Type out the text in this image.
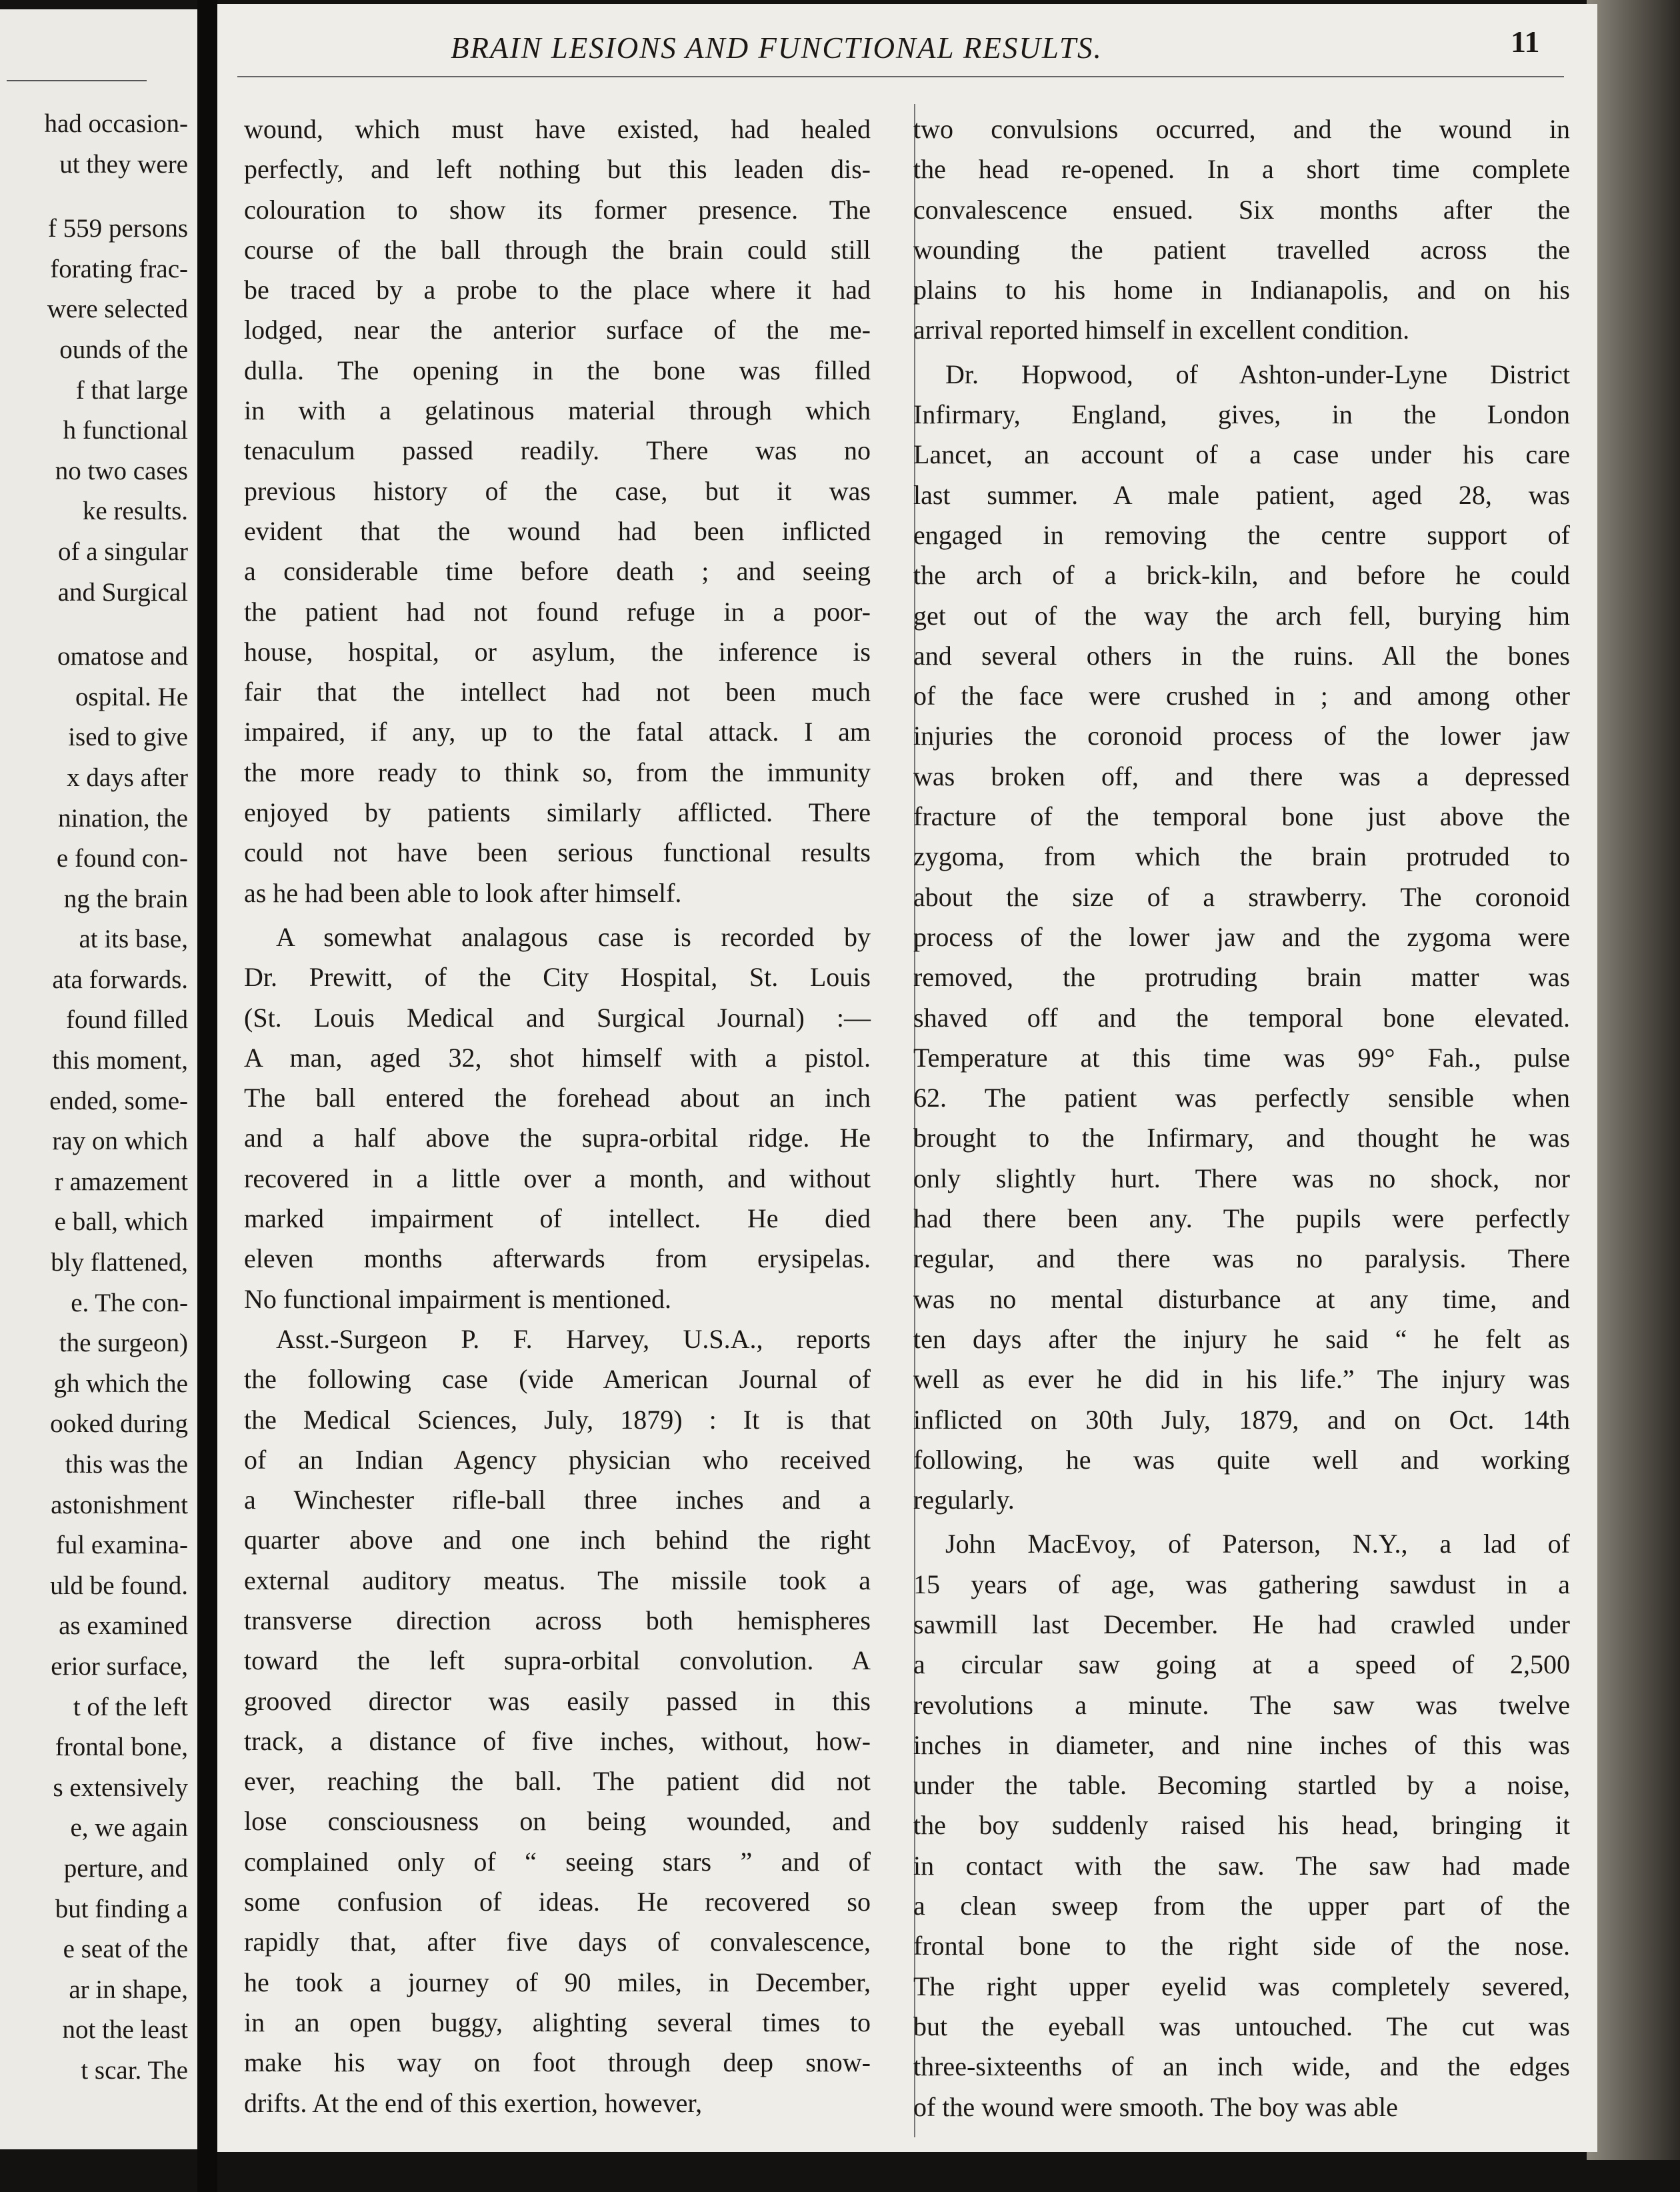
had occasion-
ut they were
f 559 persons
forating frac-
were selected
ounds of the
f that large
h functional
no two cases
ke results.
of a singular
and Surgical
omatose and
ospital. He
ised to give
x days after
nination, the
e found con-
ng the brain
at its base,
ata forwards.
found filled
this moment,
ended, some-
ray on which
r amazement
e ball, which
bly flattened,
e. The con-
the surgeon)
gh which the
ooked during
this was the
astonishment
ful examina-
uld be found.
as examined
erior surface,
t of the left
frontal bone,
s extensively
e, we again
perture, and
but finding a
e seat of the
ar in shape,
not the least
t scar. The
BRAIN LESIONS AND FUNCTIONAL RESULTS.	11
wound, which must have existed, had healed
perfectly, and left nothing but this leaden dis-
colouration to show its former presence. The
course of the ball through the brain could still
be traced by a probe to the place where it had
lodged, near the anterior surface of the me-
dulla. The opening in the bone was filled
in with a gelatinous material through which
tenaculum passed readily. There was no
previous history of the case, but it was
evident that the wound had been inflicted
a considerable time before death ; and seeing
the patient had not found refuge in a poor-
house, hospital, or asylum, the inference is
fair that the intellect had not been much
impaired, if any, up to the fatal attack. I am
the more ready to think so, from the immunity
enjoyed by patients similarly afflicted. There
could not have been serious functional results
as he had been able to look after himself.
A somewhat analagous case is recorded by
Dr. Prewitt, of the City Hospital, St. Louis
(St. Louis Medical and Surgical Journal) :—
A man, aged 32, shot himself with a pistol.
The ball entered the forehead about an inch
and a half above the supra-orbital ridge. He
recovered in a little over a month, and without
marked impairment of intellect. He died
eleven months afterwards from erysipelas.
No functional impairment is mentioned.
Asst.-Surgeon P. F. Harvey, U.S.A., reports
the following case (vide American Journal of
the Medical Sciences, July, 1879) : It is that
of an Indian Agency physician who received
a Winchester rifle-ball three inches and a
quarter above and one inch behind the right
external auditory meatus. The missile took a
transverse direction across both hemispheres
toward the left supra-orbital convolution. A
grooved director was easily passed in this
track, a distance of five inches, without, how-
ever, reaching the ball. The patient did not
lose consciousness on being wounded, and
complained only of “ seeing stars ” and of
some confusion of ideas. He recovered so
rapidly that, after five days of convalescence,
he took a journey of 90 miles, in December,
in an open buggy, alighting several times to
make his way on foot through deep snow-
drifts. At the end of this exertion, however,
two convulsions occurred, and the wound in
the head re-opened. In a short time complete
convalescence ensued. Six months after the
wounding the patient travelled across the
plains to his home in Indianapolis, and on his
arrival reported himself in excellent condition.
Dr. Hopwood, of Ashton-under-Lyne District
Infirmary, England, gives, in the London
Lancet, an account of a case under his care
last summer. A male patient, aged 28, was
engaged in removing the centre support of
the arch of a brick-kiln, and before he could
get out of the way the arch fell, burying him
and several others in the ruins. All the bones
of the face were crushed in ; and among other
injuries the coronoid process of the lower jaw
was broken off, and there was a depressed
fracture of the temporal bone just above the
zygoma, from which the brain protruded to
about the size of a strawberry. The coronoid
process of the lower jaw and the zygoma were
removed, the protruding brain matter was
shaved off and the temporal bone elevated.
Temperature at this time was 99° Fah., pulse
62. The patient was perfectly sensible when
brought to the Infirmary, and thought he was
only slightly hurt. There was no shock, nor
had there been any. The pupils were perfectly
regular, and there was no paralysis. There
was no mental disturbance at any time, and
ten days after the injury he said “ he felt as
well as ever he did in his life.” The injury was
inflicted on 30th July, 1879, and on Oct. 14th
following, he was quite well and working
regularly.
John MacEvoy, of Paterson, N.Y., a lad of
15 years of age, was gathering sawdust in a
sawmill last December. He had crawled under
a circular saw going at a speed of 2,500
revolutions a minute. The saw was twelve
inches in diameter, and nine inches of this was
under the table. Becoming startled by a noise,
the boy suddenly raised his head, bringing it
in contact with the saw. The saw had made
a clean sweep from the upper part of the
frontal bone to the right side of the nose.
The right upper eyelid was completely severed,
but the eyeball was untouched. The cut was
three-sixteenths of an inch wide, and the edges
of the wound were smooth. The boy was able
